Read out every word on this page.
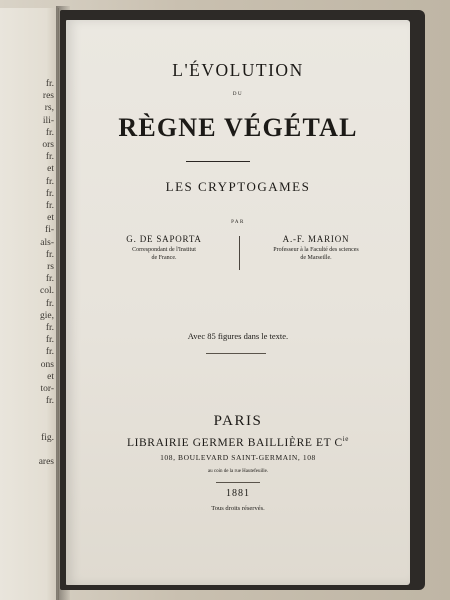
fr.
res
rs,
ili-
fr.
ors
fr.
et
fr.
fr.
fr.
et
fi-
als-
fr.
rs
fr.
col.
fr.
gie,
fr.
fr.
fr.
ons
et
tor-
fr.

fig.

ares
L'ÉVOLUTION
DU
RÈGNE VÉGÉTAL
LES CRYPTOGAMES
PAR
G. DE SAPORTA
Correspondant de l'Institut
de France.
A.-F. MARION
Professeur à la Faculté des sciences
de Marseille.
Avec 85 figures dans le texte.
PARIS
LIBRAIRIE GERMER BAILLIÈRE ET $C^{ie}$
108, BOULEVARD SAINT-GERMAIN, 108
au coin de la rue Hautefeuille.
1881
Tous droits réservés.
